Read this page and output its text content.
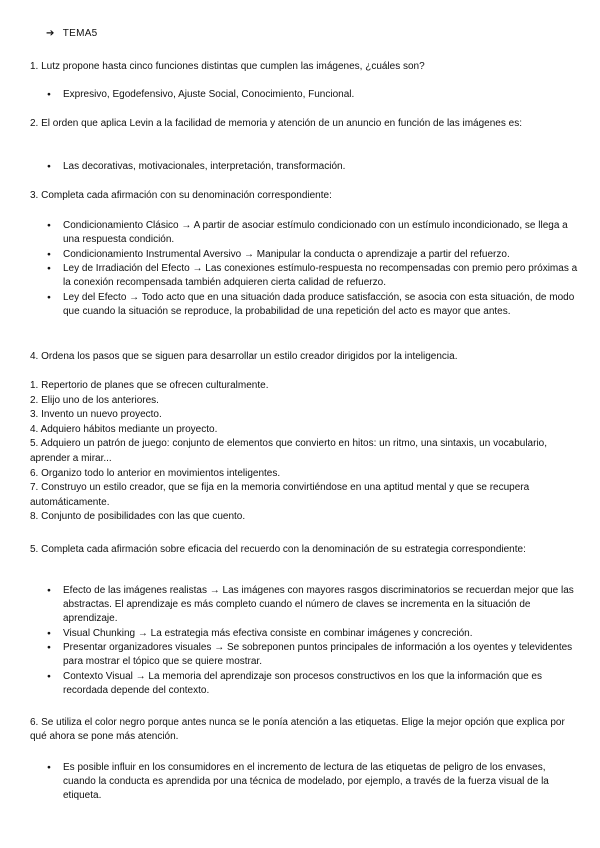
➔ TEMA5
1. Lutz propone hasta cinco funciones distintas que cumplen las imágenes, ¿cuáles son?
● Expresivo, Egodefensivo, Ajuste Social, Conocimiento, Funcional.
2. El orden que aplica Levin a la facilidad de memoria y atención de un anuncio en función de las imágenes es:
● Las decorativas, motivacionales, interpretación, transformación.
3. Completa cada afirmación con su denominación correspondiente:
● Condicionamiento Clásico → A partir de asociar estímulo condicionado con un estímulo incondicionado, se llega a una respuesta condición.
● Condicionamiento Instrumental Aversivo → Manipular la conducta o aprendizaje a partir del refuerzo.
● Ley de Irradiación del Efecto → Las conexiones estímulo-respuesta no recompensadas con premio pero próximas a la conexión recompensada también adquieren cierta calidad de refuerzo.
● Ley del Efecto → Todo acto que en una situación dada produce satisfacción, se asocia con esta situación, de modo que cuando la situación se reproduce, la probabilidad de una repetición del acto es mayor que antes.
4. Ordena los pasos que se siguen para desarrollar un estilo creador dirigidos por la inteligencia.
1. Repertorio de planes que se ofrecen culturalmente.
2. Elijo uno de los anteriores.
3. Invento un nuevo proyecto.
4. Adquiero hábitos mediante un proyecto.
5. Adquiero un patrón de juego: conjunto de elementos que convierto en hitos: un ritmo, una sintaxis, un vocabulario, aprender a mirar...
6. Organizo todo lo anterior en movimientos inteligentes.
7. Construyo un estilo creador, que se fija en la memoria convirtiéndose en una aptitud mental y que se recupera automáticamente.
8. Conjunto de posibilidades con las que cuento.
5. Completa cada afirmación sobre eficacia del recuerdo con la denominación de su estrategia correspondiente:
● Efecto de las imágenes realistas → Las imágenes con mayores rasgos discriminatorios se recuerdan mejor que las abstractas. El aprendizaje es más completo cuando el número de claves se incrementa en la situación de aprendizaje.
● Visual Chunking → La estrategia más efectiva consiste en combinar imágenes y concreción.
● Presentar organizadores visuales → Se sobreponen puntos principales de información a los oyentes y televidentes para mostrar el tópico que se quiere mostrar.
● Contexto Visual → La memoria del aprendizaje son procesos constructivos en los que la información que es recordada depende del contexto.
6. Se utiliza el color negro porque antes nunca se le ponía atención a las etiquetas. Elige la mejor opción que explica por qué ahora se pone más atención.
● Es posible influir en los consumidores en el incremento de lectura de las etiquetas de peligro de los envases, cuando la conducta es aprendida por una técnica de modelado, por ejemplo, a través de la fuerza visual de la etiqueta.
